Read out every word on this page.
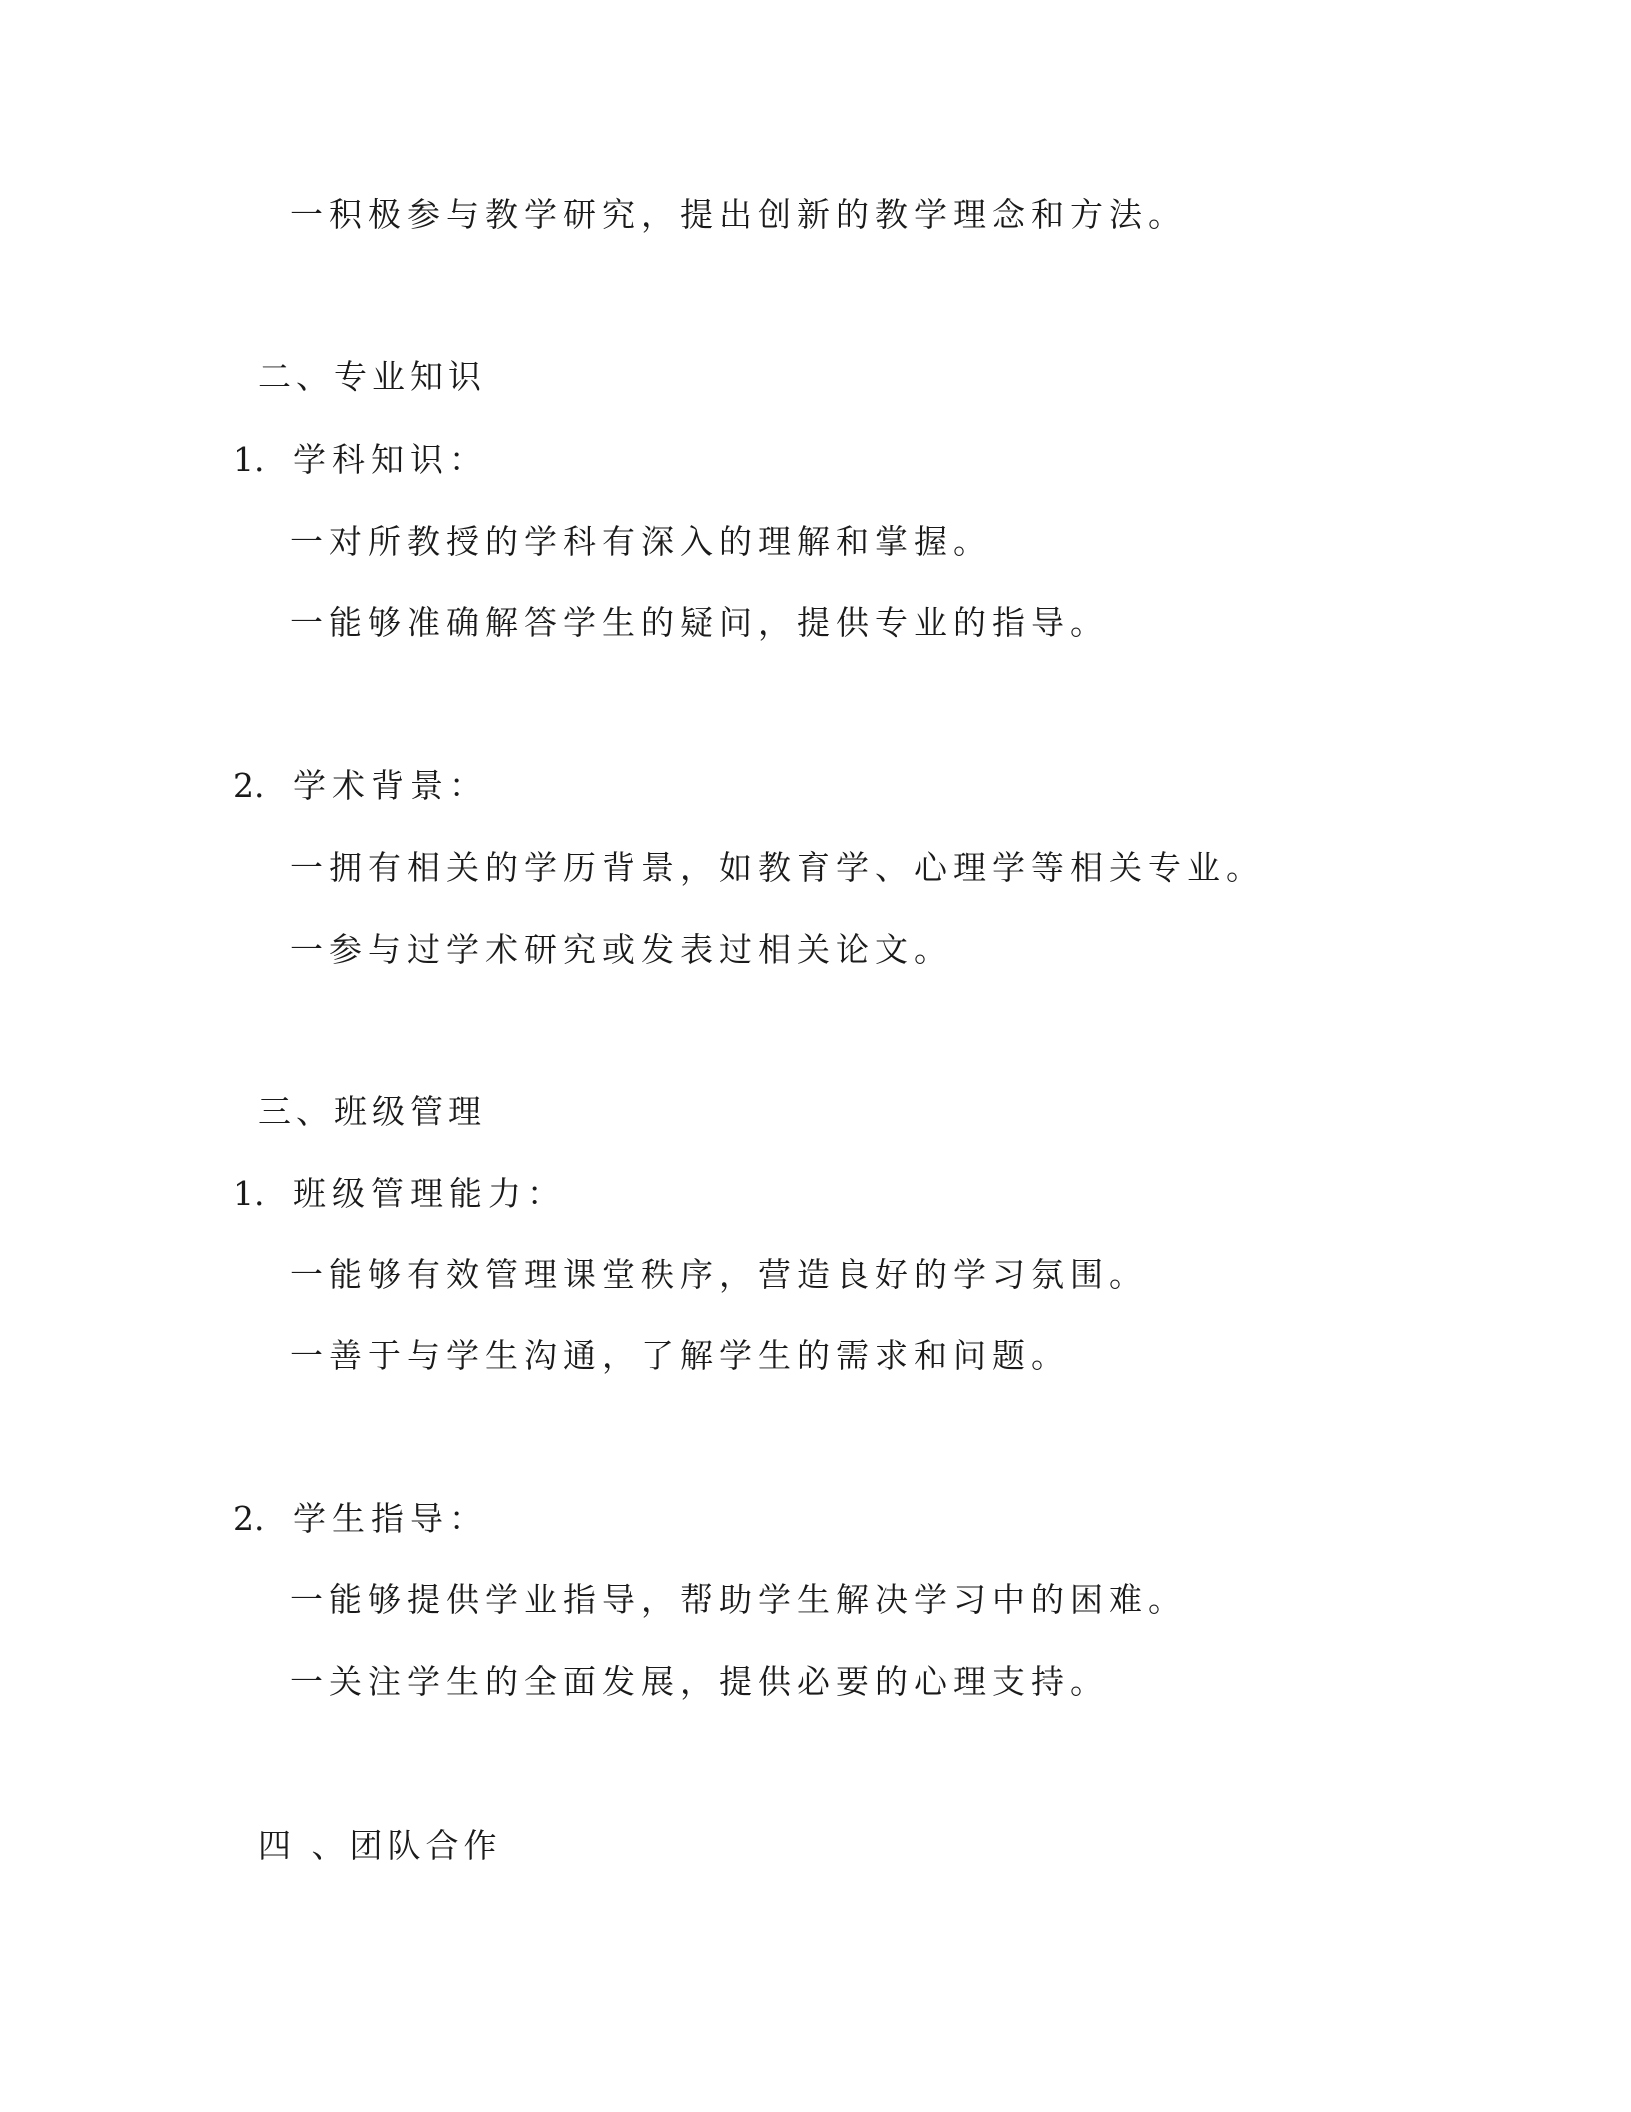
一积极参与教学研究，提出创新的教学理念和方法。
二、专业知识
1. 学科知识：
一对所教授的学科有深入的理解和掌握。
一能够准确解答学生的疑问，提供专业的指导。
2. 学术背景：
一拥有相关的学历背景，如教育学、心理学等相关专业。
一参与过学术研究或发表过相关论文。
三、班级管理
1. 班级管理能力：
一能够有效管理课堂秩序，营造良好的学习氛围。
一善于与学生沟通，了解学生的需求和问题。
2. 学生指导：
一能够提供学业指导，帮助学生解决学习中的困难。
一关注学生的全面发展，提供必要的心理支持。
四 、团队合作
